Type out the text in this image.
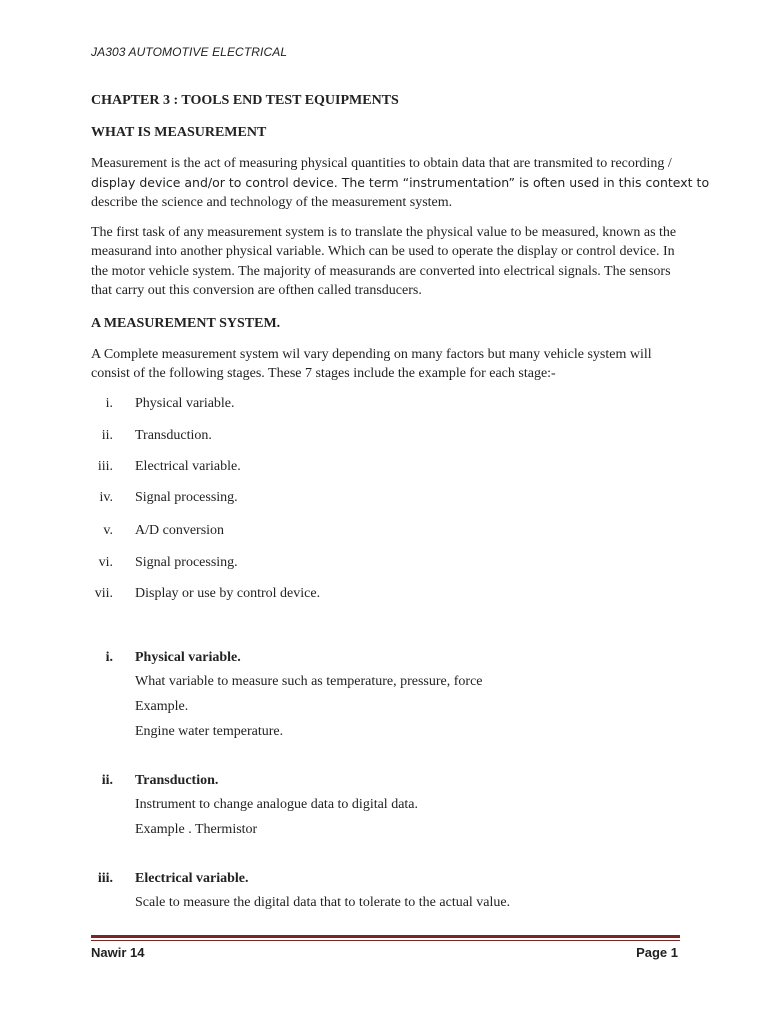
JA303 AUTOMOTIVE ELECTRICAL
CHAPTER 3 : TOOLS END TEST EQUIPMENTS
WHAT IS MEASUREMENT

Measurement is the act of measuring physical quantities to obtain data that are transmited to recording /
display device and/or to control device. The term “instrumentation” is often used in this context to
describe the science and technology of the measurement system.

The first task of any measurement system is to translate the physical value to be measured, known as the
measurand into another physical variable. Which can be used to operate the display or control device. In
the motor vehicle system. The majority of measurands are converted into electrical signals. The sensors
that carry out this conversion are ofthen called transducers.

A MEASUREMENT SYSTEM.

A Complete measurement system wil vary depending on many factors but many vehicle system will
consist of the following stages. These 7 stages include the example for each stage:-

i. Physical variable.
ii. Transduction.
iii. Electrical variable.
iv. Signal processing.
v. A/D conversion
vi. Signal processing.
vii. Display or use by control device.
i. Physical variable.
What variable to measure such as temperature, pressure, force
Example.
Engine water temperature.
ii. Transduction.
Instrument to change analogue data to digital data.
Example . Thermistor
iii. Electrical variable.
Scale to measure the digital data that to tolerate to the actual value.
Nawir 14	Page 1
